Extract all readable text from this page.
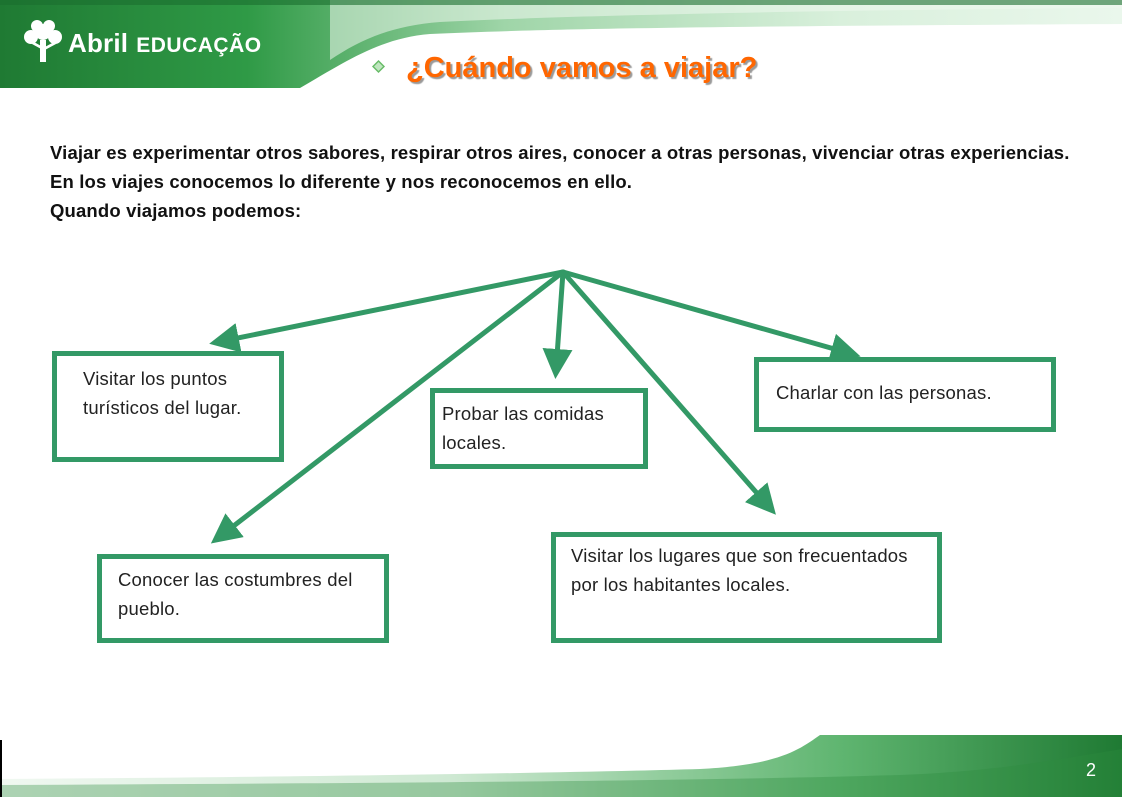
Abril EDUCAÇÃO
¿Cuándo vamos a viajar?

Viajar es experimentar otros sabores, respirar otros aires, conocer a otras personas, vivenciar otras experiencias. En los viajes conocemos lo diferente y nos reconocemos en ello.

Quando viajamos podemos:

Visitar los puntos turísticos del lugar.	Probar las comidas locales.
Charlar con las personas.
Conocer las costumbres del pueblo.
Visitar los lugares que son frecuentados por los habitantes locales.
2
